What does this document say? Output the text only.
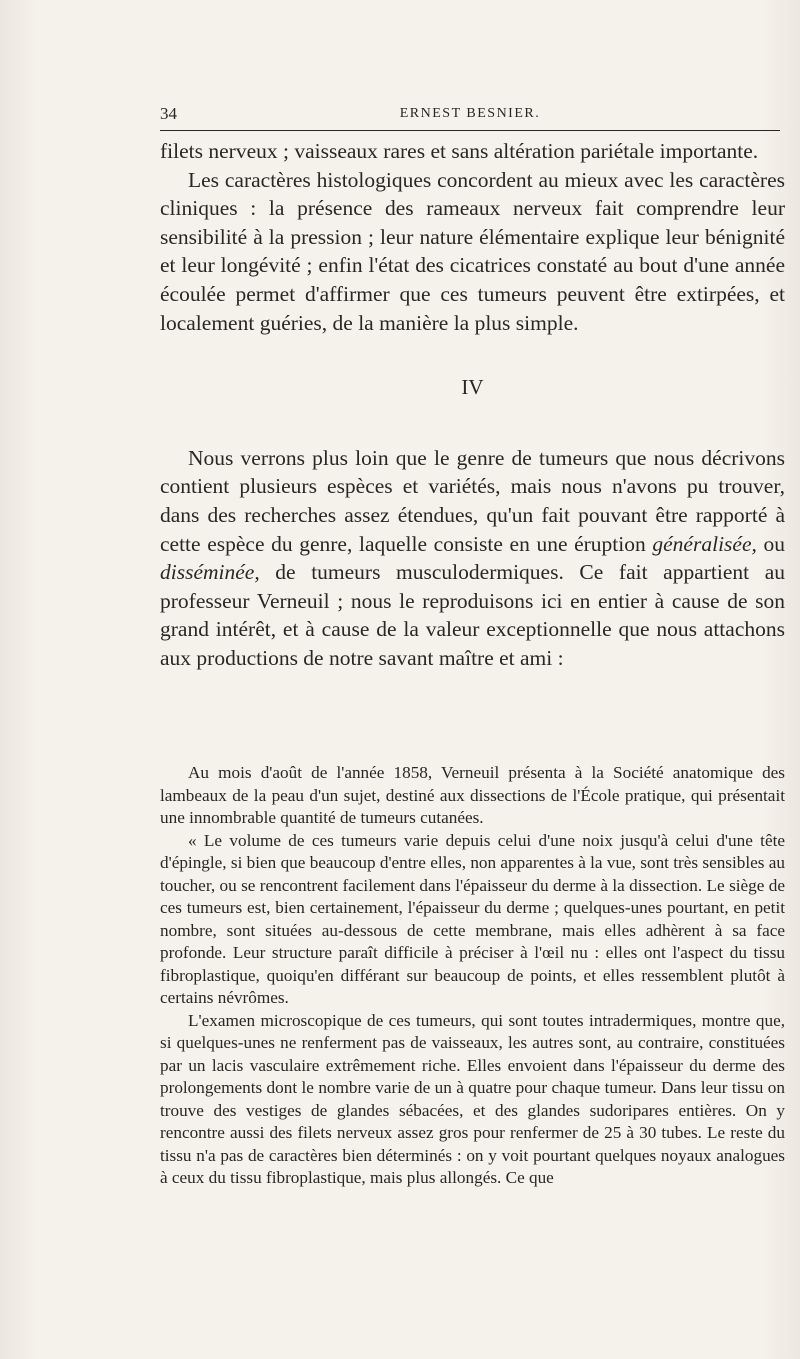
34	ERNEST BESNIER.

filets nerveux ; vaisseaux rares et sans altération pariétale importante.

Les caractères histologiques concordent au mieux avec les caractères cliniques : la présence des rameaux nerveux fait comprendre leur sensibilité à la pression ; leur nature élémentaire explique leur bénignité et leur longévité ; enfin l'état des cicatrices constaté au bout d'une année écoulée permet d'affirmer que ces tumeurs peuvent être extirpées, et localement guéries, de la manière la plus simple.

IV

Nous verrons plus loin que le genre de tumeurs que nous décrivons contient plusieurs espèces et variétés, mais nous n'avons pu trouver, dans des recherches assez étendues, qu'un fait pouvant être rapporté à cette espèce du genre, laquelle consiste en une éruption généralisée, ou disséminée, de tumeurs musculodermiques. Ce fait appartient au professeur Verneuil ; nous le reproduisons ici en entier à cause de son grand intérêt, et à cause de la valeur exceptionnelle que nous attachons aux productions de notre savant maître et ami :

Au mois d'août de l'année 1858, Verneuil présenta à la Société anatomique des lambeaux de la peau d'un sujet, destiné aux dissections de l'École pratique, qui présentait une innombrable quantité de tumeurs cutanées.

« Le volume de ces tumeurs varie depuis celui d'une noix jusqu'à celui d'une tête d'épingle, si bien que beaucoup d'entre elles, non apparentes à la vue, sont très sensibles au toucher, ou se rencontrent facilement dans l'épaisseur du derme à la dissection. Le siège de ces tumeurs est, bien certainement, l'épaisseur du derme ; quelques-unes pourtant, en petit nombre, sont situées au-dessous de cette membrane, mais elles adhèrent à sa face profonde. Leur structure paraît difficile à préciser à l'œil nu : elles ont l'aspect du tissu fibroplastique, quoiqu'en différant sur beaucoup de points, et elles ressemblent plutôt à certains névrômes.

L'examen microscopique de ces tumeurs, qui sont toutes intradermiques, montre que, si quelques-unes ne renferment pas de vaisseaux, les autres sont, au contraire, constituées par un lacis vasculaire extrêmement riche. Elles envoient dans l'épaisseur du derme des prolongements dont le nombre varie de un à quatre pour chaque tumeur. Dans leur tissu on trouve des vestiges de glandes sébacées, et des glandes sudoripares entières. On y rencontre aussi des filets nerveux assez gros pour renfermer de 25 à 30 tubes. Le reste du tissu n'a pas de caractères bien déterminés : on y voit pourtant quelques noyaux analogues à ceux du tissu fibroplastique, mais plus allongés. Ce que
